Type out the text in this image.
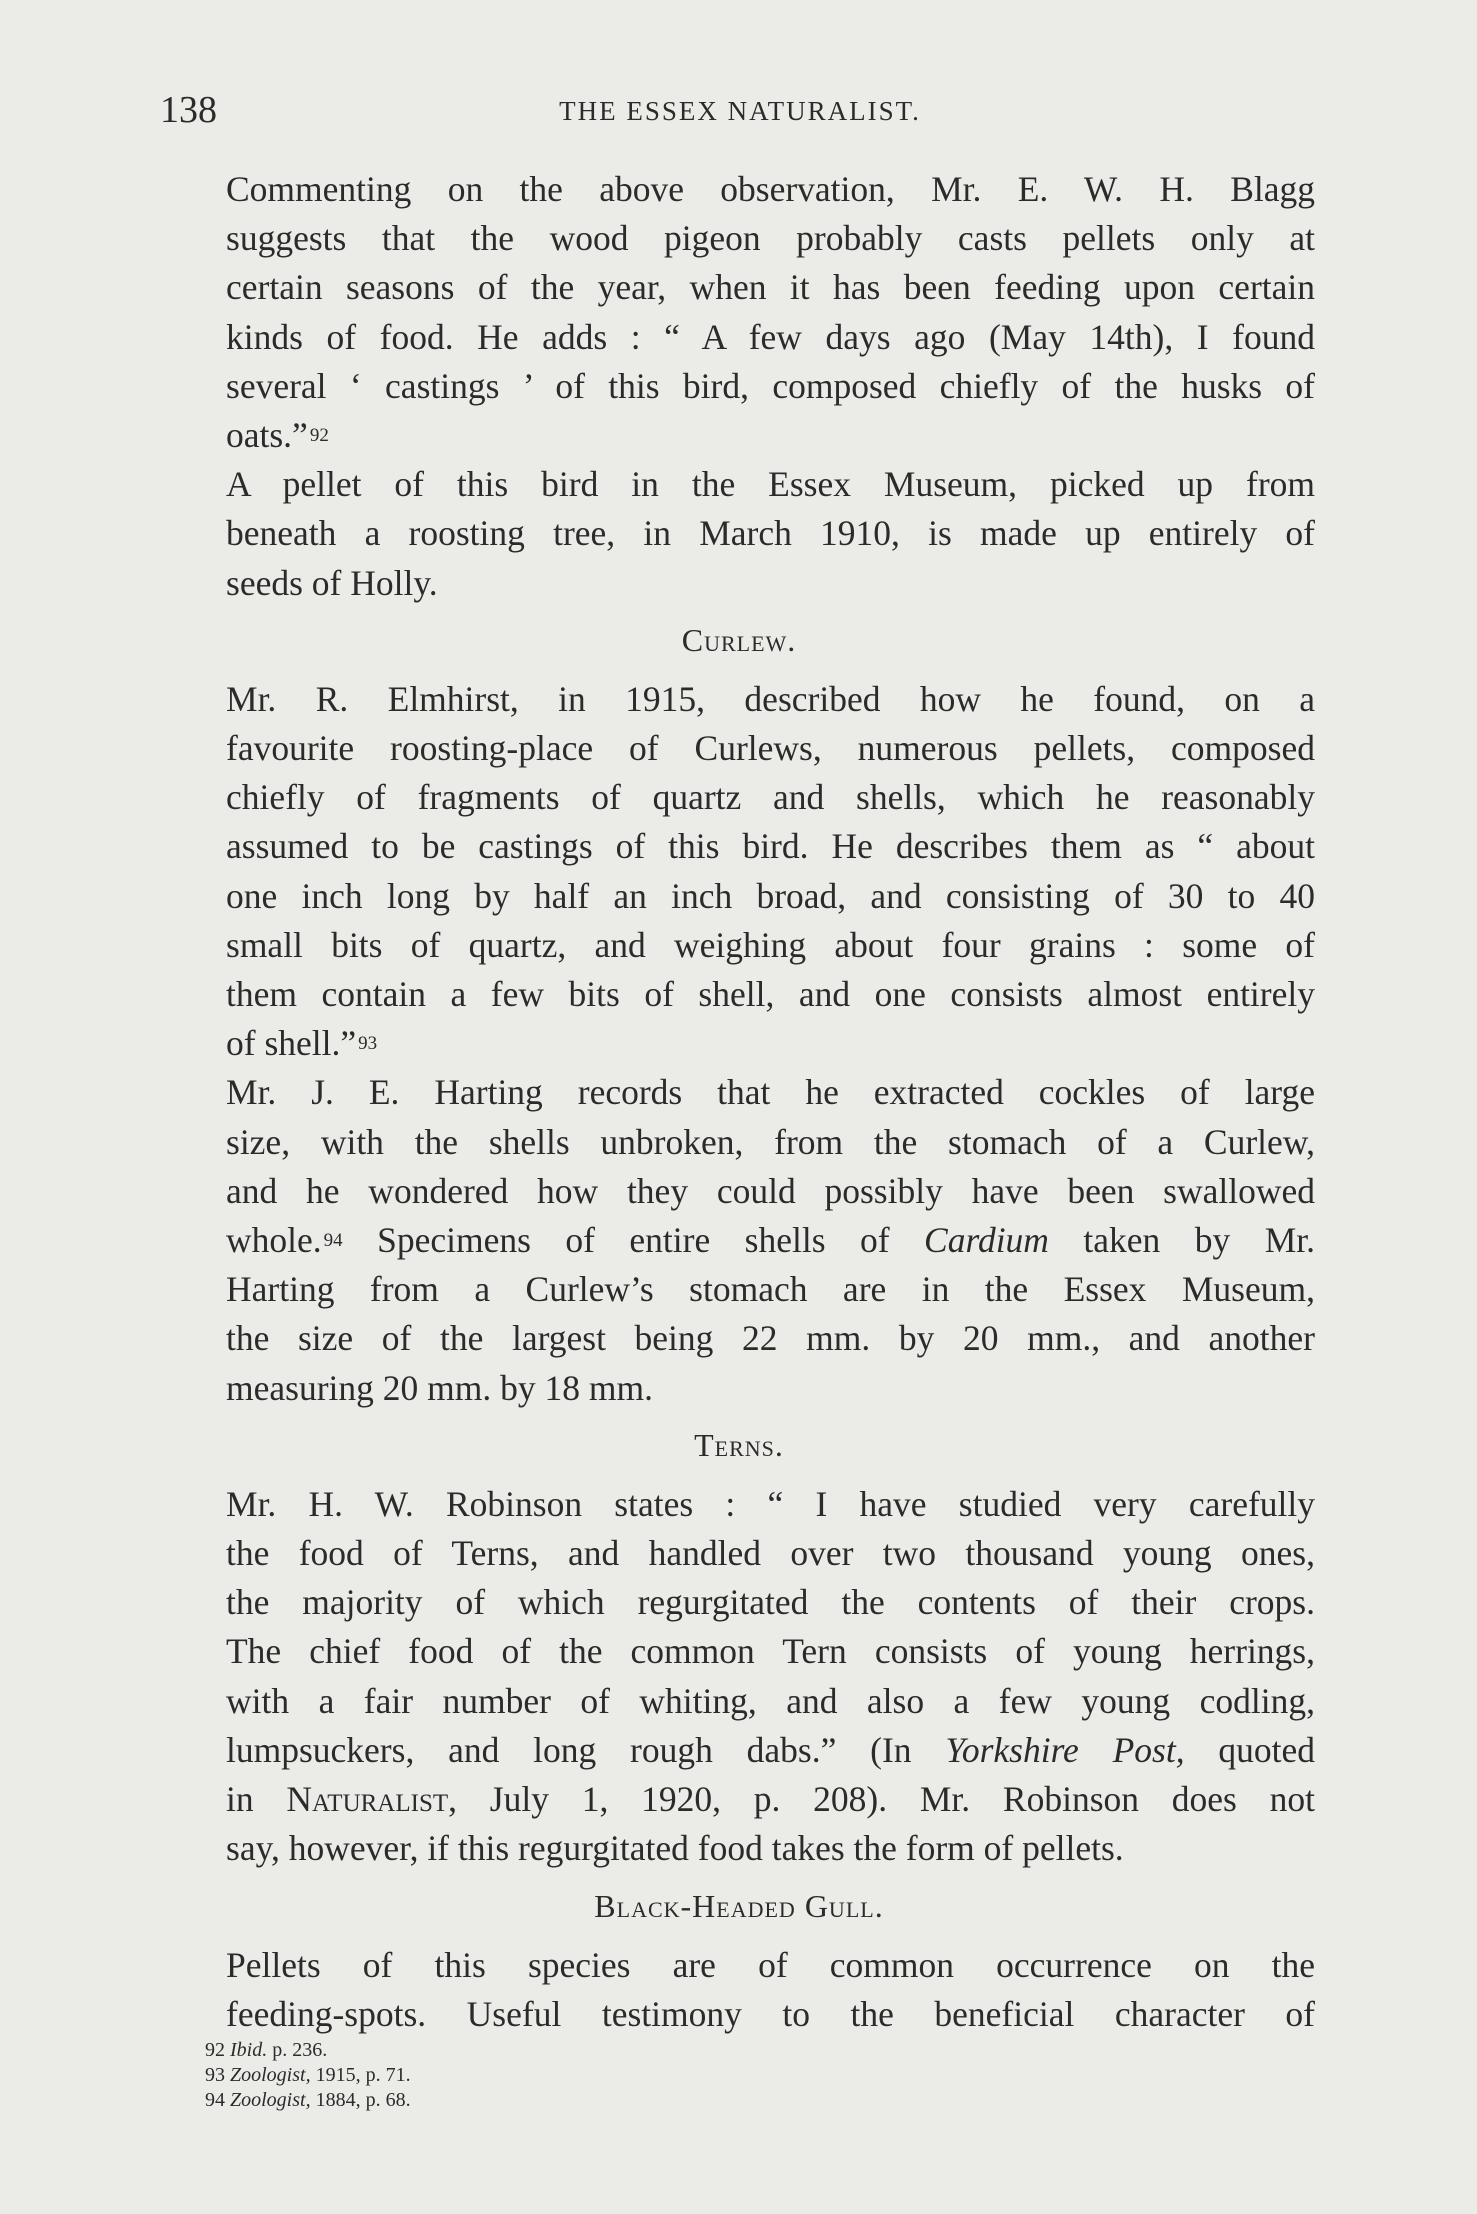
138	THE ESSEX NATURALIST.

Commenting on the above observation, Mr. E. W. H. Blagg
suggests that the wood pigeon probably casts pellets only at
certain seasons of the year, when it has been feeding upon certain
kinds of food. He adds : “ A few days ago (May 14th), I found
several ‘ castings ’ of this bird, composed chiefly of the husks of
oats.” $^{92}$

A pellet of this bird in the Essex Museum, picked up from
beneath a roosting tree, in March 1910, is made up entirely of
seeds of Holly.

Curlew.

Mr. R. Elmhirst, in 1915, described how he found, on a
favourite roosting-place of Curlews, numerous pellets, composed
chiefly of fragments of quartz and shells, which he reasonably
assumed to be castings of this bird. He describes them as “ about
one inch long by half an inch broad, and consisting of 30 to 40
small bits of quartz, and weighing about four grains : some of
them contain a few bits of shell, and one consists almost entirely
of shell.” $^{93}$

Mr. J. E. Harting records that he extracted cockles of large
size, with the shells unbroken, from the stomach of a Curlew,
and he wondered how they could possibly have been swallowed
whole. $^{94}$ Specimens of entire shells of Cardium taken by Mr.
Harting from a Curlew’s stomach are in the Essex Museum,
the size of the largest being 22 mm. by 20 mm., and another
measuring 20 mm. by 18 mm.

Terns.

Mr. H. W. Robinson states : “ I have studied very carefully
the food of Terns, and handled over two thousand young ones,
the majority of which regurgitated the contents of their crops.
The chief food of the common Tern consists of young herrings,
with a fair number of whiting, and also a few young codling,
lumpsuckers, and long rough dabs.” (In Yorkshire Post, quoted
in Naturalist, July 1, 1920, p. 208). Mr. Robinson does not
say, however, if this regurgitated food takes the form of pellets.

Black-Headed Gull.

Pellets of this species are of common occurrence on the
feeding-spots. Useful testimony to the beneficial character of

92 Ibid. p. 236.
93 Zoologist, 1915, p. 71.
94 Zoologist, 1884, p. 68.
